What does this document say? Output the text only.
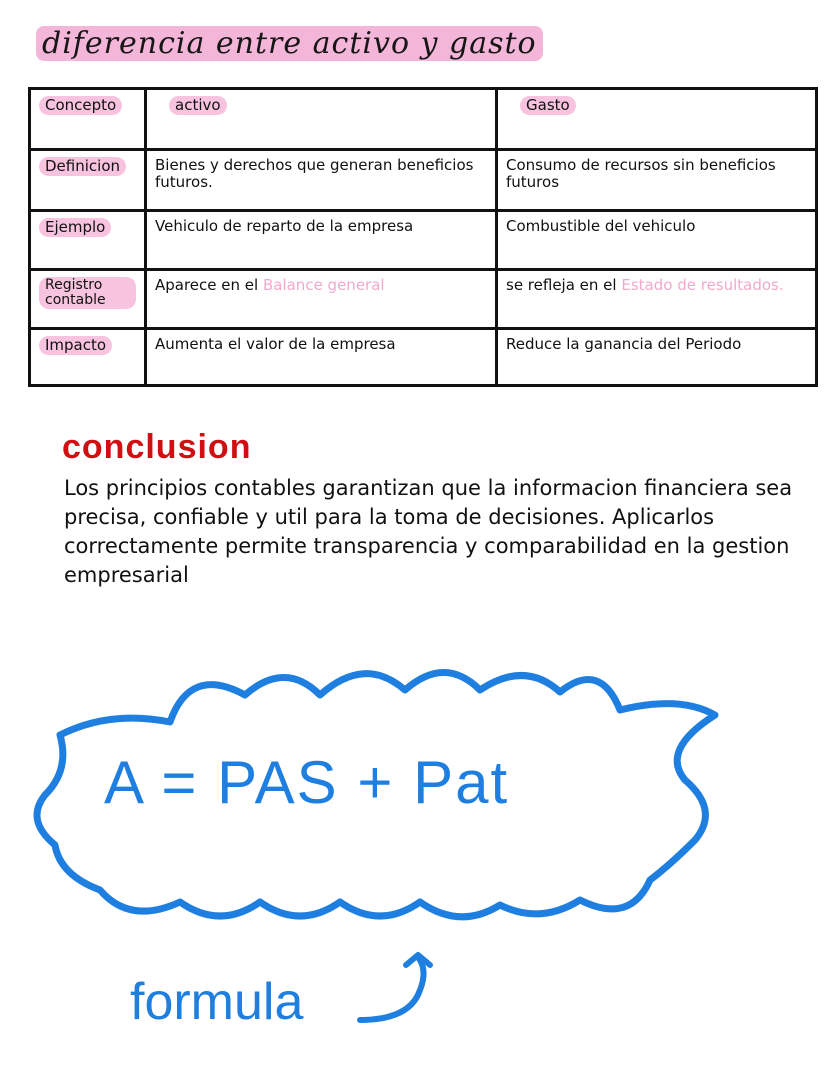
diferencia entre activo y gasto
Concepto	activo	Gasto
Definicion	Bienes y derechos que generan beneficios futuros.	Consumo de recursos sin beneficios futuros
Ejemplo	Vehiculo de reparto de la empresa	Combustible del vehiculo
Registro contable	Aparece en el Balance general	se refleja en el Estado de resultados.
Impacto	Aumenta el valor de la empresa	Reduce la ganancia del Periodo
conclusion
Los principios contables garantizan que la informacion financiera sea precisa, confiable y util para la toma de decisiones. Aplicarlos correctamente permite transparencia y comparabilidad en la gestion empresarial
A = PAS + Pat
formula
